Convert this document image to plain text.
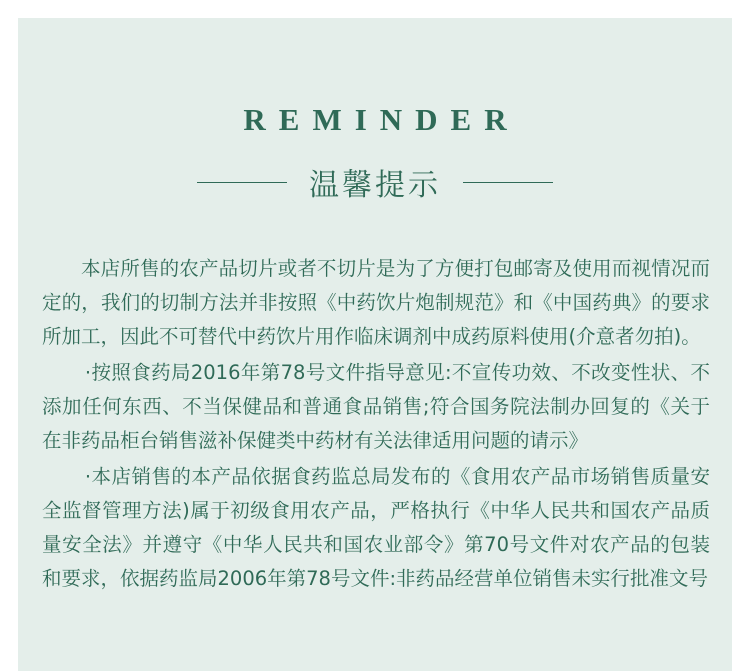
REMINDER
温馨提示

本店所售的农产品切片或者不切片是为了方便打包邮寄及使用而视情况而定的，我们的切制方法并非按照《中药饮片炮制规范》和《中国药典》的要求所加工，因此不可替代中药饮片用作临床调剂中成药原料使用(介意者勿拍)。

·按照食药局2016年第78号文件指导意见:不宣传功效、不改变性状、不添加任何东西、不当保健品和普通食品销售;符合国务院法制办回复的《关于在非药品柜台销售滋补保健类中药材有关法律适用问题的请示》

·本店销售的本产品依据食药监总局发布的《食用农产品市场销售质量安全监督管理方法)属于初级食用农产品，严格执行《中华人民共和国农产品质量安全法》并遵守《中华人民共和国农业部令》第70号文件对农产品的包装和要求，依据药监局2006年第78号文件:非药品经营单位销售未实行批准文号
